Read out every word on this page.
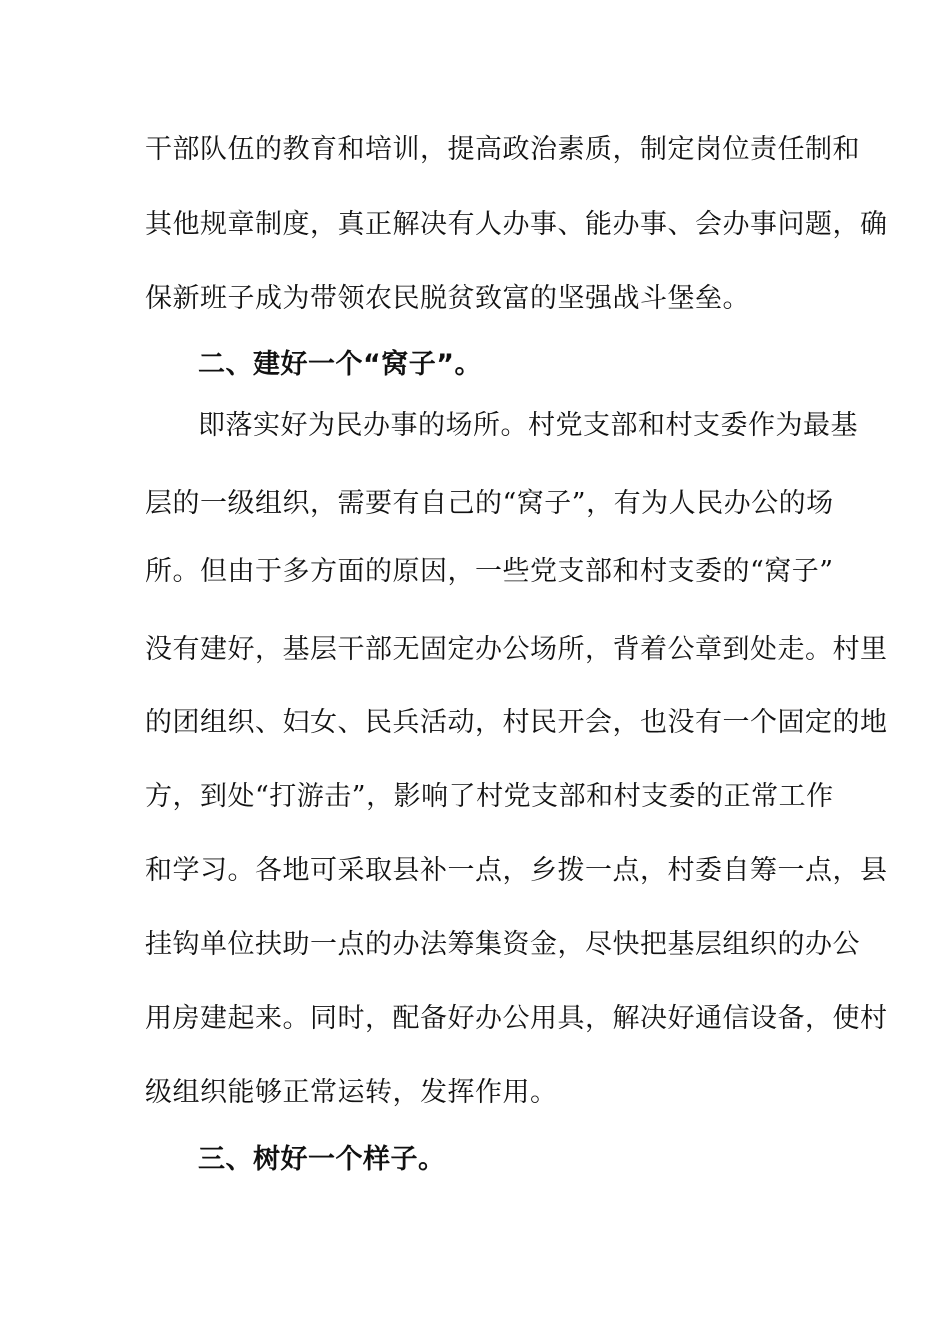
干部队伍的教育和培训，提高政治素质，制定岗位责任制和
其他规章制度，真正解决有人办事、能办事、会办事问题，确
保新班子成为带领农民脱贫致富的坚强战斗堡垒。
二、建好一个“窝子”。
即落实好为民办事的场所。村党支部和村支委作为最基
层的一级组织，需要有自己的“窝子”，有为人民办公的场
所。但由于多方面的原因，一些党支部和村支委的“窝子”
没有建好，基层干部无固定办公场所，背着公章到处走。村里
的团组织、妇女、民兵活动，村民开会，也没有一个固定的地
方，到处“打游击”，影响了村党支部和村支委的正常工作
和学习。各地可采取县补一点，乡拨一点，村委自筹一点，县
挂钩单位扶助一点的办法筹集资金，尽快把基层组织的办公
用房建起来。同时，配备好办公用具，解决好通信设备，使村
级组织能够正常运转，发挥作用。
三、树好一个样子。
